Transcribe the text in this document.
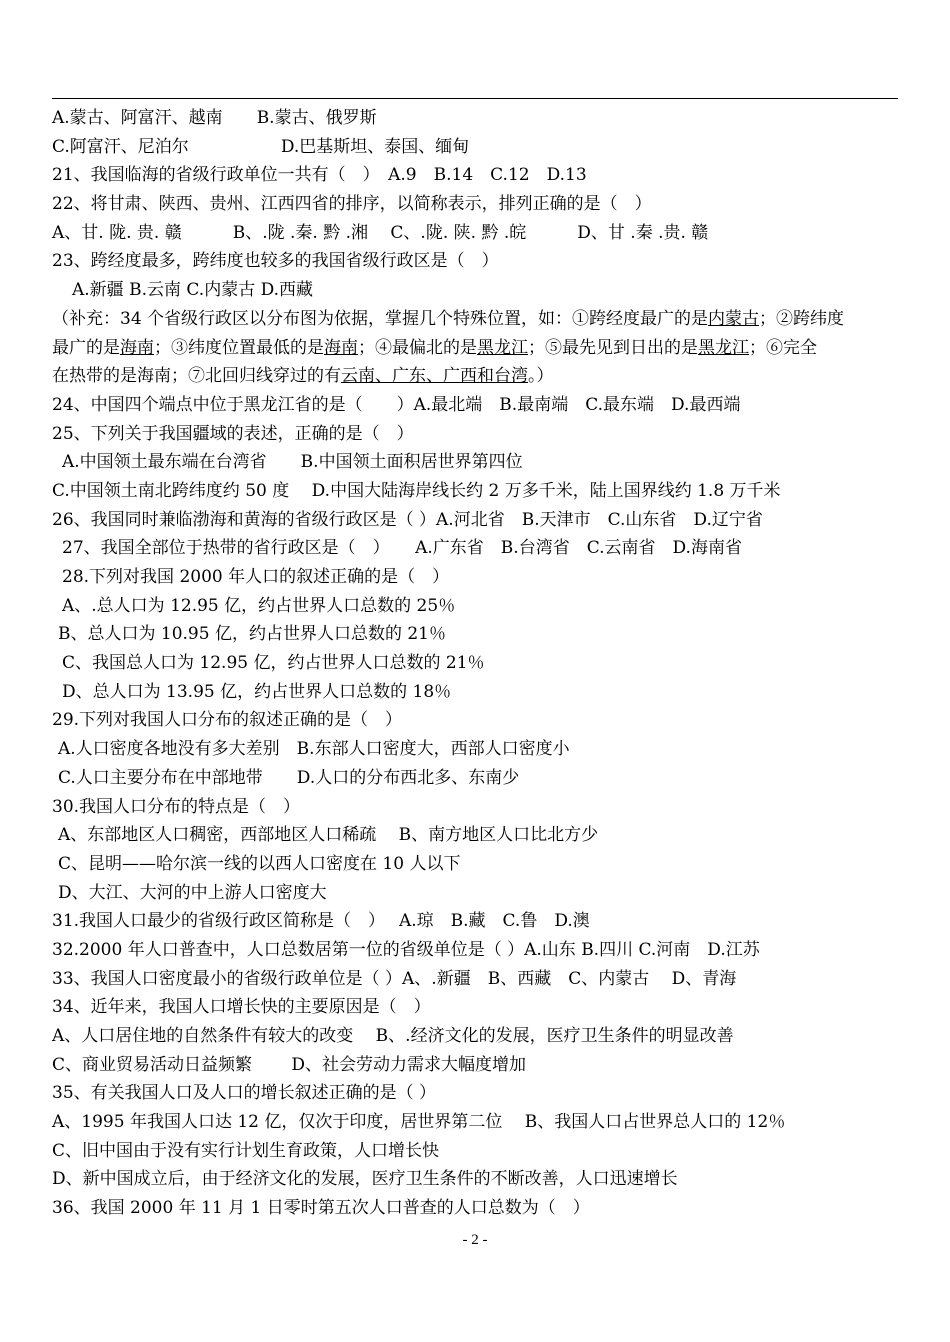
A.蒙古、阿富汗、越南 B.蒙古、俄罗斯
C.阿富汗、尼泊尔	D.巴基斯坦、泰国、缅甸
21、我国临海的省级行政单位一共有（　）　A.9　B.14　C.12　D.13
22、将甘肃、陕西、贵州、江西四省的排序，以简称表示，排列正确的是（　）
A、甘. 陇. 贵. 赣　　　B、.陇 .秦. 黔 .湘　 C、.陇. 陕. 黔 .皖　　　D、甘 .秦 .贵. 赣
23、跨经度最多，跨纬度也较多的我国省级行政区是（　）
A.新疆 B.云南 C.内蒙古 D.西藏
（补充：34 个省级行政区以分布图为依据，掌握几个特殊位置，如：①跨经度最广的是内蒙古；②跨纬度
最广的是海南；③纬度位置最低的是海南；④最偏北的是黑龙江；⑤最先见到日出的是黑龙江；⑥完全
在热带的是海南；⑦北回归线穿过的有云南、广东、广西和台湾。）
24、中国四个端点中位于黑龙江省的是（　　）A.最北端　B.最南端　C.最东端　D.最西端
25、下列关于我国疆域的表述，正确的是（　）
A.中国领土最东端在台湾省　　B.中国领土面积居世界第四位
C.中国领土南北跨纬度约 50 度　 D.中国大陆海岸线长约 2 万多千米，陆上国界线约 1.8 万千米
26、我国同时兼临渤海和黄海的省级行政区是（ ）A.河北省　B.天津市　C.山东省　D.辽宁省
27、我国全部位于热带的省行政区是（　）　　A.广东省　B.台湾省　C.云南省　D.海南省
28.下列对我国 2000 年人口的叙述正确的是（　）
A、.总人口为 12.95 亿，约占世界人口总数的 25％
B、总人口为 10.95 亿，约占世界人口总数的 21％
C、我国总人口为 12.95 亿，约占世界人口总数的 21％
D、总人口为 13.95 亿，约占世界人口总数的 18％
29.下列对我国人口分布的叙述正确的是（　）
A.人口密度各地没有多大差别　B.东部人口密度大，西部人口密度小
C.人口主要分布在中部地带　　D.人口的分布西北多、东南少
30.我国人口分布的特点是（　）
A、东部地区人口稠密，西部地区人口稀疏　 B、南方地区人口比北方少
C、昆明——哈尔滨一线的以西人口密度在 10 人以下
D、大江、大河的中上游人口密度大
31.我国人口最少的省级行政区简称是（　）　 A.琼　B.藏　C.鲁　D.澳
32.2000 年人口普查中，人口总数居第一位的省级单位是（ ）A.山东 B.四川 C.河南　D.江苏
33、我国人口密度最小的省级行政单位是（ ）A、.新疆　B、西藏　C、内蒙古　 D、青海
34、近年来，我国人口增长快的主要原因是（　）
A、人口居住地的自然条件有较大的改变　 B、.经济文化的发展，医疗卫生条件的明显改善
C、商业贸易活动日益频繁　　 D、社会劳动力需求大幅度增加
35、有关我国人口及人口的增长叙述正确的是（ ）
A、1995 年我国人口达 12 亿，仅次于印度，居世界第二位　 B、我国人口占世界总人口的 12％
C、旧中国由于没有实行计划生育政策，人口增长快
D、新中国成立后，由于经济文化的发展，医疗卫生条件的不断改善，人口迅速增长
36、我国 2000 年 11 月 1 日零时第五次人口普查的人口总数为（　）
- 2 -
